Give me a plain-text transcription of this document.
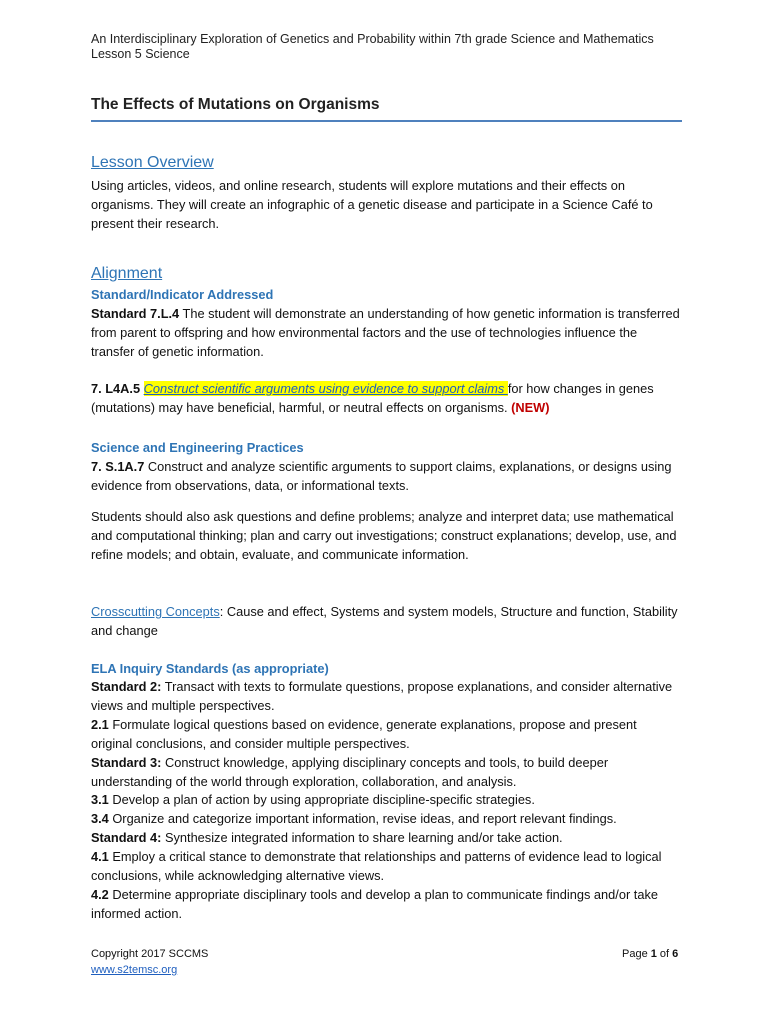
An Interdisciplinary Exploration of Genetics and Probability within 7th grade Science and Mathematics
Lesson 5 Science
The Effects of Mutations on Organisms
Lesson Overview
Using articles, videos, and online research, students will explore mutations and their effects on organisms. They will create an infographic of a genetic disease and participate in a Science Café to present their research.
Alignment
Standard/Indicator Addressed
Standard 7.L.4 The student will demonstrate an understanding of how genetic information is transferred from parent to offspring and how environmental factors and the use of technologies influence the transfer of genetic information.
7. L4A.5 Construct scientific arguments using evidence to support claims for how changes in genes (mutations) may have beneficial, harmful, or neutral effects on organisms. (NEW)
Science and Engineering Practices
7. S.1A.7 Construct and analyze scientific arguments to support claims, explanations, or designs using evidence from observations, data, or informational texts.
Students should also ask questions and define problems; analyze and interpret data; use mathematical and computational thinking; plan and carry out investigations; construct explanations; develop, use, and refine models; and obtain, evaluate, and communicate information.
Crosscutting Concepts: Cause and effect, Systems and system models, Structure and function, Stability and change
ELA Inquiry Standards (as appropriate)
Standard 2: Transact with texts to formulate questions, propose explanations, and consider alternative views and multiple perspectives.
2.1 Formulate logical questions based on evidence, generate explanations, propose and present original conclusions, and consider multiple perspectives.
Standard 3: Construct knowledge, applying disciplinary concepts and tools, to build deeper understanding of the world through exploration, collaboration, and analysis.
3.1 Develop a plan of action by using appropriate discipline-specific strategies.
3.4 Organize and categorize important information, revise ideas, and report relevant findings.
Standard 4: Synthesize integrated information to share learning and/or take action.
4.1 Employ a critical stance to demonstrate that relationships and patterns of evidence lead to logical conclusions, while acknowledging alternative views.
4.2 Determine appropriate disciplinary tools and develop a plan to communicate findings and/or take informed action.
Copyright 2017 SCCMS
www.s2temsc.org
Page 1 of 6
